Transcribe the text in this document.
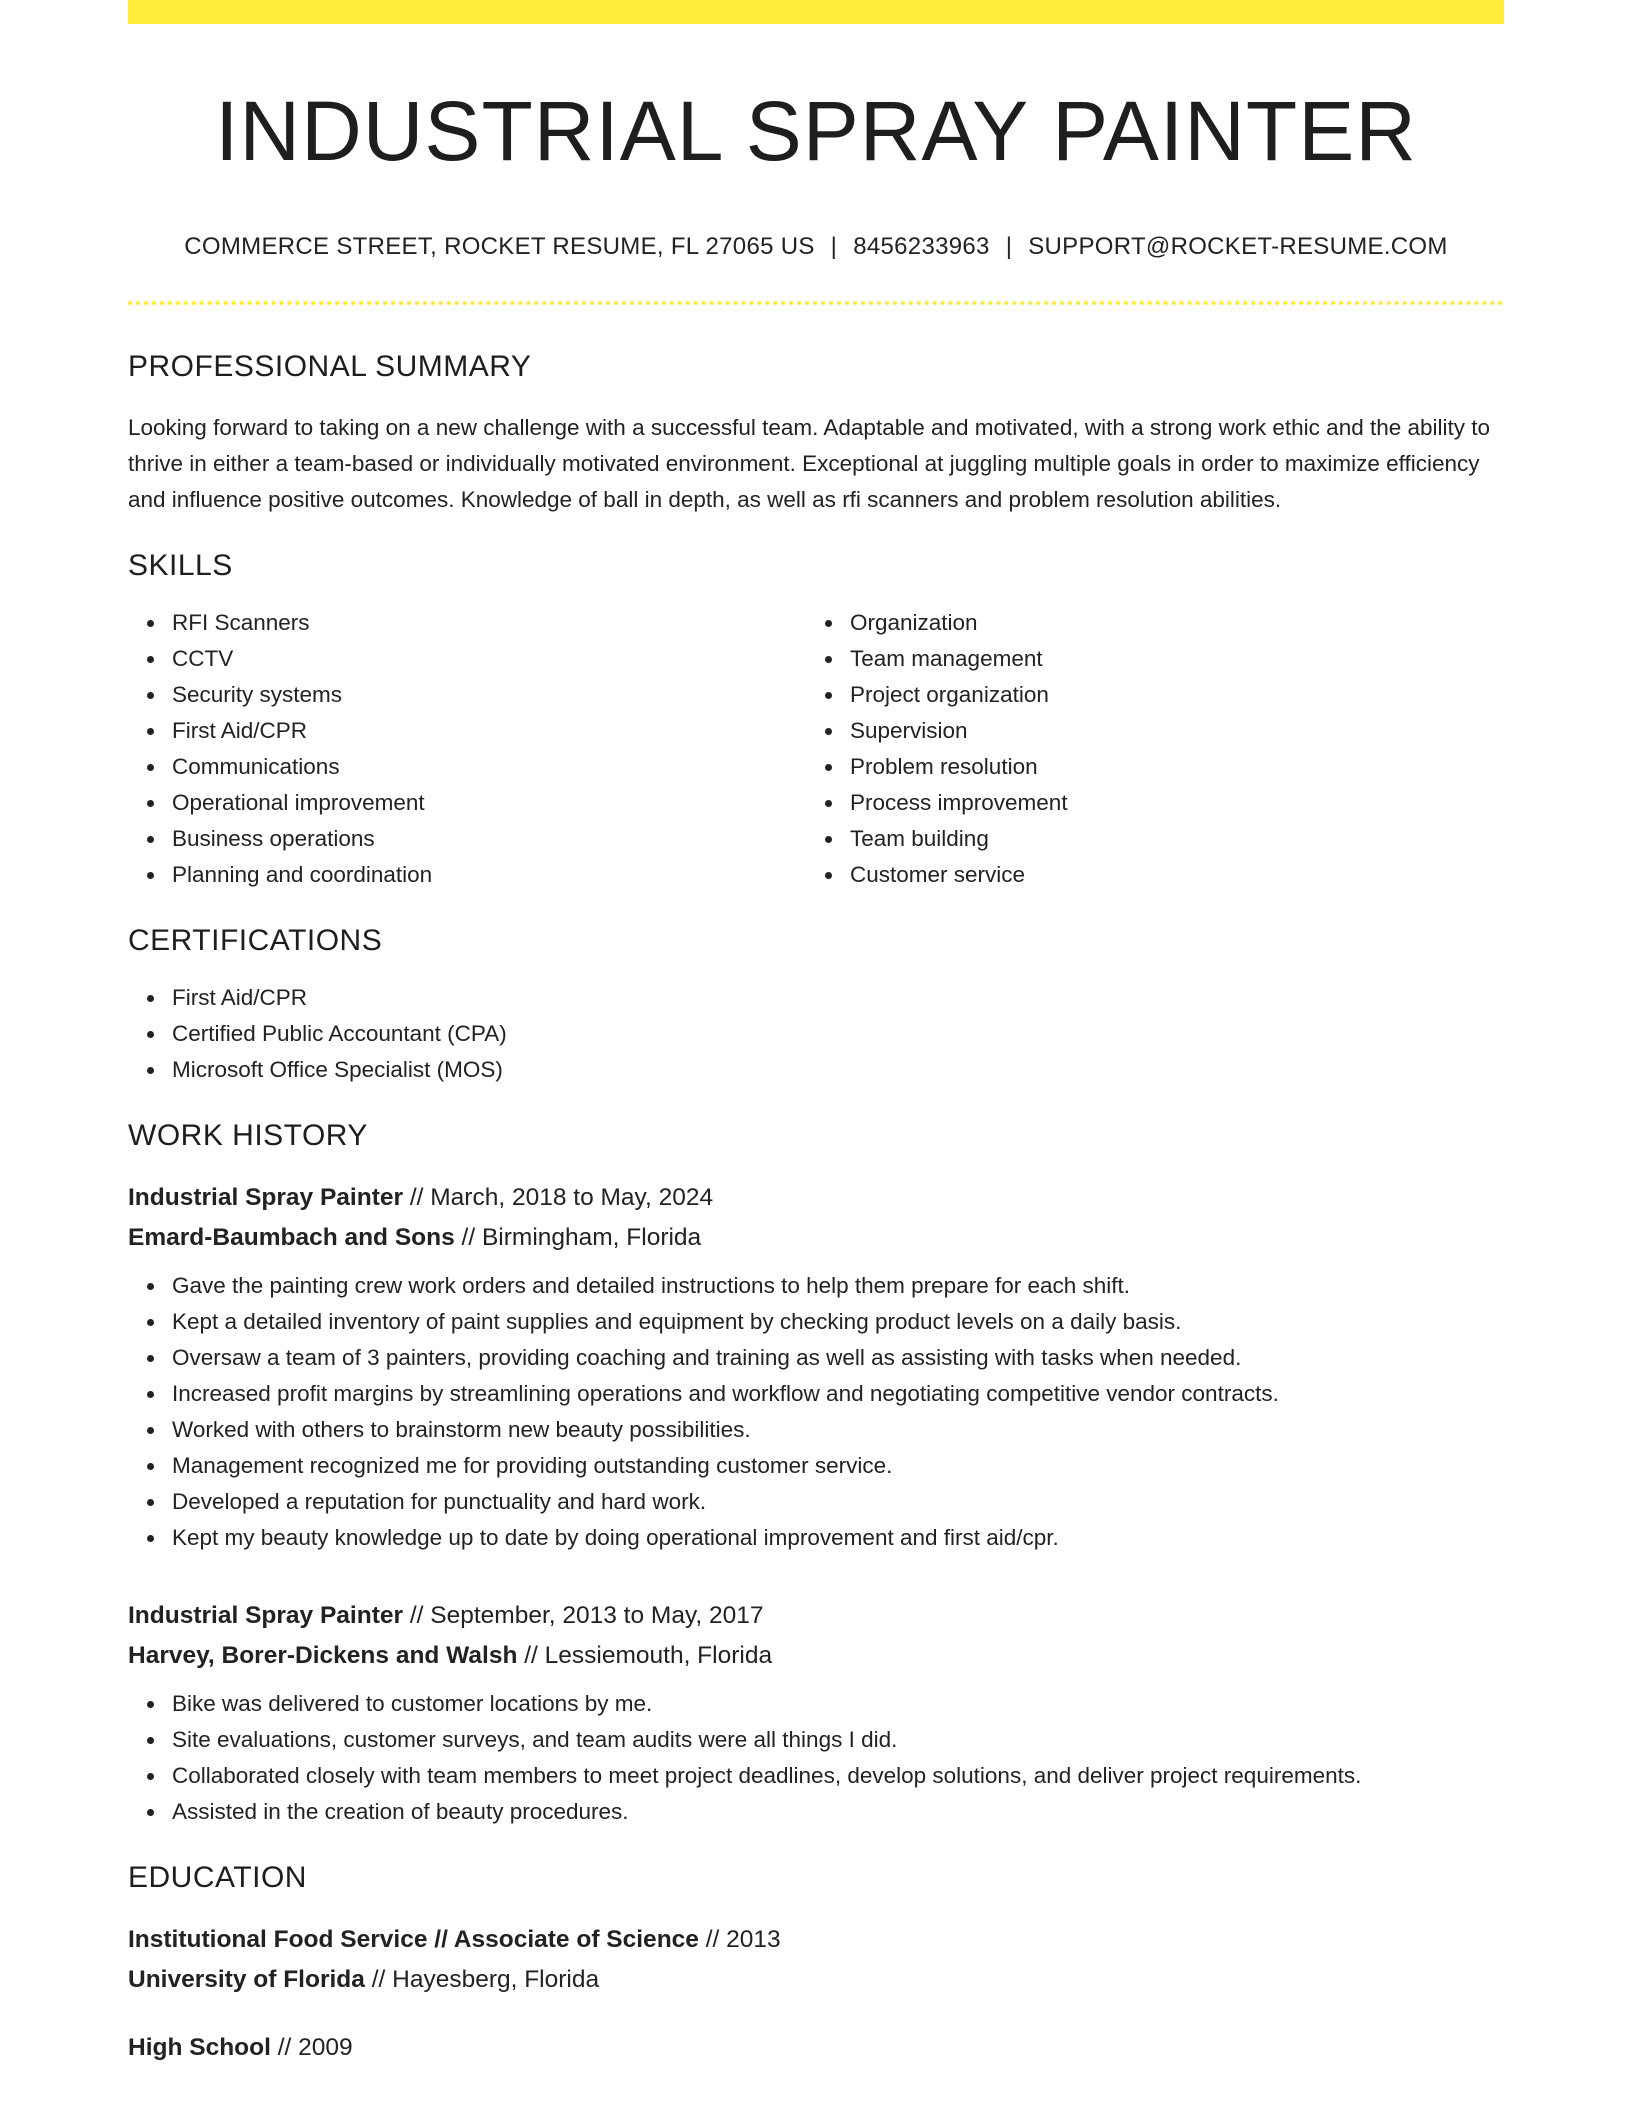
INDUSTRIAL SPRAY PAINTER
COMMERCE STREET, ROCKET RESUME, FL 27065 US | 8456233963 | SUPPORT@ROCKET-RESUME.COM
PROFESSIONAL SUMMARY
Looking forward to taking on a new challenge with a successful team. Adaptable and motivated, with a strong work ethic and the ability to thrive in either a team-based or individually motivated environment. Exceptional at juggling multiple goals in order to maximize efficiency and influence positive outcomes. Knowledge of ball in depth, as well as rfi scanners and problem resolution abilities.
SKILLS
RFI Scanners
CCTV
Security systems
First Aid/CPR
Communications
Operational improvement
Business operations
Planning and coordination
Organization
Team management
Project organization
Supervision
Problem resolution
Process improvement
Team building
Customer service
CERTIFICATIONS
First Aid/CPR
Certified Public Accountant (CPA)
Microsoft Office Specialist (MOS)
WORK HISTORY
Industrial Spray Painter // March, 2018 to May, 2024
Emard-Baumbach and Sons // Birmingham, Florida
Gave the painting crew work orders and detailed instructions to help them prepare for each shift.
Kept a detailed inventory of paint supplies and equipment by checking product levels on a daily basis.
Oversaw a team of 3 painters, providing coaching and training as well as assisting with tasks when needed.
Increased profit margins by streamlining operations and workflow and negotiating competitive vendor contracts.
Worked with others to brainstorm new beauty possibilities.
Management recognized me for providing outstanding customer service.
Developed a reputation for punctuality and hard work.
Kept my beauty knowledge up to date by doing operational improvement and first aid/cpr.
Industrial Spray Painter // September, 2013 to May, 2017
Harvey, Borer-Dickens and Walsh // Lessiemouth, Florida
Bike was delivered to customer locations by me.
Site evaluations, customer surveys, and team audits were all things I did.
Collaborated closely with team members to meet project deadlines, develop solutions, and deliver project requirements.
Assisted in the creation of beauty procedures.
EDUCATION
Institutional Food Service // Associate of Science // 2013
University of Florida // Hayesberg, Florida
High School // 2009
